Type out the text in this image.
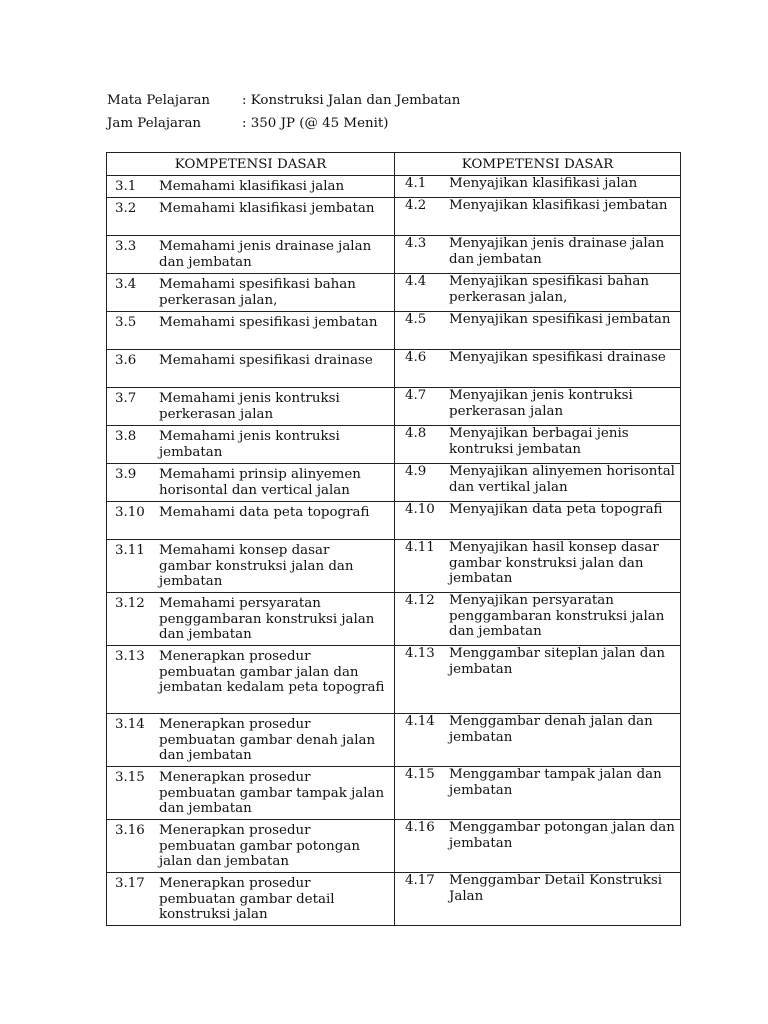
Mata Pelajaran : Konstruksi Jalan dan Jembatan
Jam Pelajaran	: 350 JP (@ 45 Menit)
KOMPETENSI DASAR	KOMPETENSI DASAR

3.1 Memahami klasifikasi jalan	4.1 Menyajikan klasifikasi jalan

3.2 Memahami klasifikasi jembatan	4.2 Menyajikan klasifikasi jembatan

3.3 Memahami jenis drainase jalan dan jembatan	4.3 Menyajikan jenis drainase jalan dan jembatan

3.4 Memahami spesifikasi bahan perkerasan jalan,	4.4 Menyajikan spesifikasi bahan perkerasan jalan,

3.5 Memahami spesifikasi jembatan	4.5 Menyajikan spesifikasi jembatan

3.6 Memahami spesifikasi drainase	4.6 Menyajikan spesifikasi drainase

3.7 Memahami jenis kontruksi perkerasan jalan	4.7 Menyajikan jenis kontruksi perkerasan jalan

3.8 Memahami jenis kontruksi jembatan	4.8 Menyajikan berbagai jenis kontruksi jembatan

3.9 Memahami prinsip alinyemen horisontal dan vertical jalan	4.9 Menyajikan alinyemen horisontal dan vertikal jalan

3.10 Memahami data peta topografi	4.10 Menyajikan data peta topografi

3.11 Memahami konsep dasar gambar konstruksi jalan dan jembatan	4.11 Menyajikan hasil konsep dasar gambar konstruksi jalan dan jembatan

3.12 Memahami persyaratan penggambaran konstruksi jalan dan jembatan	4.12 Menyajikan persyaratan penggambaran konstruksi jalan dan jembatan

3.13 Menerapkan prosedur pembuatan gambar jalan dan jembatan kedalam peta topografi	4.13 Menggambar siteplan jalan dan jembatan

3.14 Menerapkan prosedur pembuatan gambar denah jalan dan jembatan	4.14 Menggambar denah jalan dan jembatan

3.15 Menerapkan prosedur pembuatan gambar tampak jalan dan jembatan	4.15 Menggambar tampak jalan dan jembatan

3.16 Menerapkan prosedur pembuatan gambar potongan jalan dan jembatan	4.16 Menggambar potongan jalan dan jembatan

3.17 Menerapkan prosedur pembuatan gambar detail konstruksi jalan	4.17 Menggambar Detail Konstruksi Jalan
